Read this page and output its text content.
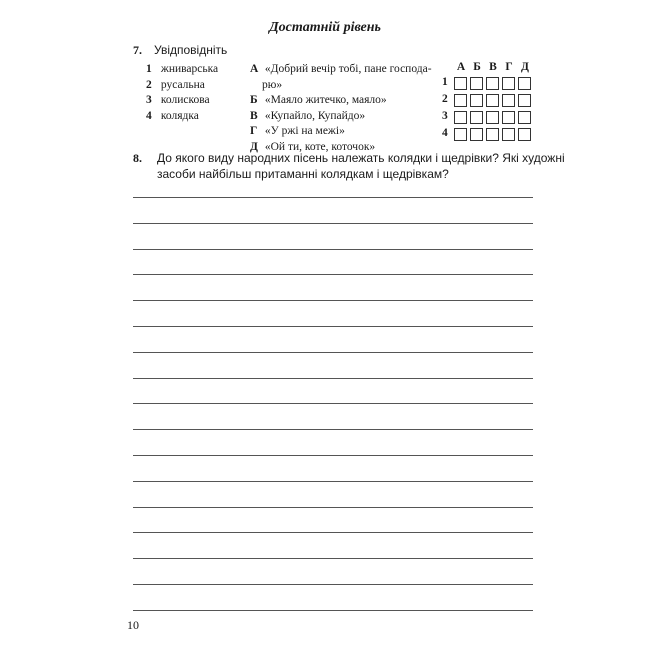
Достатній рівень
7. Увідповідніть
1 жниварська
2 русальна
3 колискова
4 колядка
А «Добрий вечір тобі, пане господа-
рю»
Б «Маяло житечко, маяло»
В «Купайло, Купайдо»
Г «У ржі на межі»
Д «Ой ти, коте, коточок»
А Б В Г Д
1
2
3
4
8. До якого виду народних пісень належать колядки і щедрівки? Які художні
засоби найбільш притаманні колядкам і щедрівкам?
10
